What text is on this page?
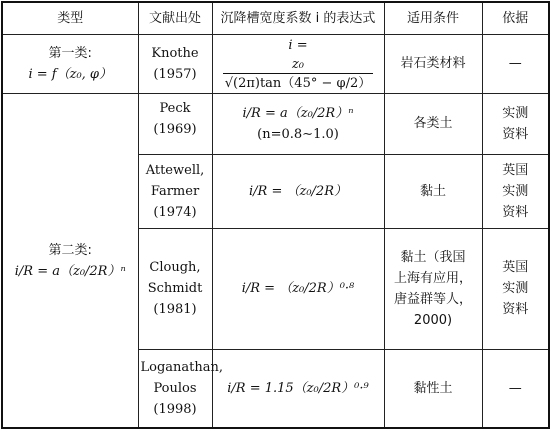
类型	文献出处	沉降槽宽度系数 i 的表达式	适用条件	依据

第一类:
i = f（z₀, φ）	Knothe
(1957)	i =
$\frac{\text{z₀}}{√(2\pi)\tan(45^\circ - \varphi/2)}$	岩石类材料	—

第二类:
i/R = a（z₀/2R）ⁿ	Peck (1969)	i/R = a（z₀/2R）ⁿ
(n=0.8∼1.0)	各类土	实测
资料

	Attewell,
Farmer
(1974)	i/R = （z₀/2R）	黏土	英国
实测
资料

	Clough,
Schmidt
(1981)	i/R = （z₀/2R）⁰·⁸	黏土（我国
上海有应用，
唐益群等人，
2000)	英国
实测
资料

	Loganathan,
Poulos
(1998)	i/R = 1.15（z₀/2R）⁰·⁹	黏性土	—
